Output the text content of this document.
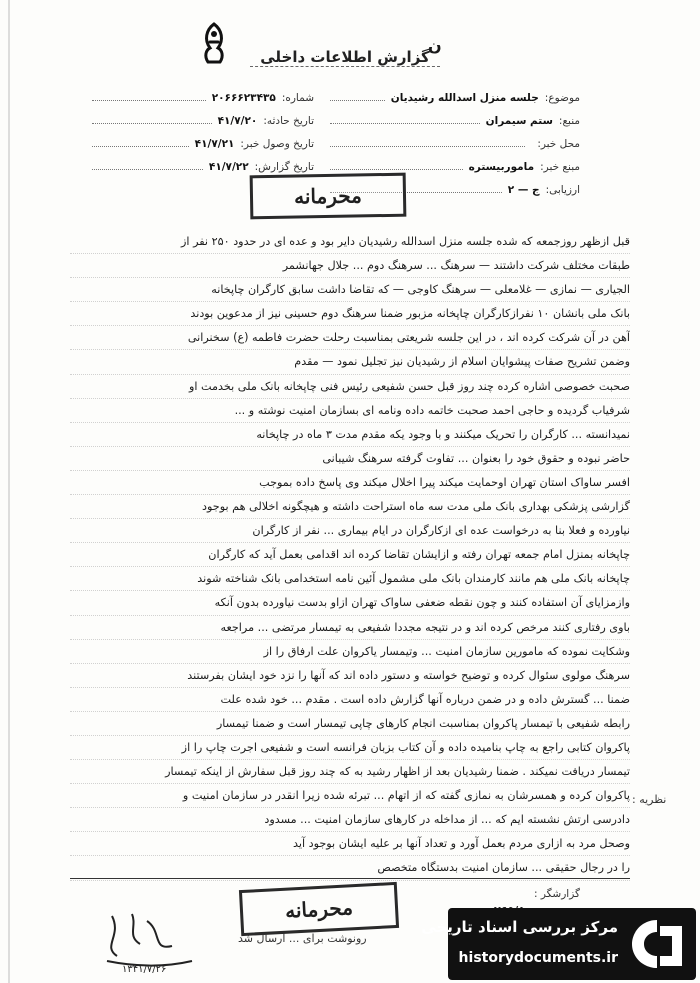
ن
گزارش اطلاعات داخلی
موضوع:
جلسه منزل اسدالله رشیدیان
منبع:
ستم سیمران
محل خبر:
مبنع خبر:
ماموربیستره
ارزیابی:
ج — ۲
شماره:
۲۰۶۶۶۲۳۴۳۵
تاریخ حادثه:
۴۱/۷/۲۰
تاریخ وصول خبر:
۴۱/۷/۲۱
تاریخ گزارش:
۴۱/۷/۲۲
محرمانه
قبل ازظهر روزجمعه که شده جلسه منزل اسدالله رشیدیان دایر بود و عده ای در حدود ۲۵۰ نفر از
طبقات مختلف شرکت داشتند — سرهنگ ... سرهنگ دوم ... جلال جهانشمر
الجیاری — نمازی — غلامعلی — سرهنگ کاوجی — که تقاضا داشت سابق کارگران چاپخانه
بانک ملی بانشان ۱۰ نفرازکارگران چاپخانه مزبور ضمنا سرهنگ دوم حسینی نیز از مدعوین بودند
آهن در آن شرکت کرده اند ، در این جلسه شریعتی بمناسبت رحلت حضرت فاطمه (ع) سخنرانی
وضمن تشریح صفات پیشوایان اسلام از رشیدیان نیز تجلیل نمود — مقدم
صحبت خصوصی اشاره کرده چند روز قبل حسن شفیعی رئیس فنی چاپخانه بانک ملی بخدمت او
شرفیاب گردیده و حاجی احمد صحبت خاتمه داده ونامه ای بسازمان امنیت نوشته و ...
نمیدانسته ... کارگران را تحریک میکنند و با وجود یکه مقدم مدت ۳ ماه در چاپخانه
حاضر نبوده و حقوق خود را بعنوان ... تفاوت گرفته سرهنگ شیبانی
افسر ساواک استان تهران اوحمایت میکند پیرا اخلال میکند وی پاسخ داده بموجب
گزارشی پزشکی بهداری بانک ملی مدت سه ماه استراحت داشته و هیچگونه اخلالی هم بوجود
نیاورده و فعلا بنا به درخواست عده ای ازکارگران در ایام بیماری ... نفر از کارگران
چاپخانه بمنزل امام جمعه تهران رفته و ازایشان تقاضا کرده اند اقدامی بعمل آید که کارگران
چاپخانه بانک ملی هم مانند کارمندان بانک ملی مشمول آئین نامه استخدامی بانک شناخته شوند
وازمزایای آن استفاده کنند و چون نقطه ضعفی ساواک تهران ازاو بدست نیاورده بدون آنکه
باوی رفتاری کنند مرخص کرده اند و در نتیجه مجددا شفیعی به تیمسار مرتضی ... مراجعه
وشکایت نموده که مامورین سازمان امنیت ... وتیمسار یاکروان علت ارفاق را از
سرهنگ مولوی سئوال کرده و توضیح خواسته و دستور داده اند که آنها را نزد خود ایشان بفرستند
ضمنا ... گسترش داده و در ضمن درباره آنها گزارش داده است . مقدم ... خود شده علت
رابطه شفیعی با تیمسار پاکروان بمناسبت انجام کارهای چاپی تیمسار است و ضمنا تیمسار
پاکروان کتابی راجع به چاپ بنامیده داده و آن کتاب بزبان فرانسه است و شفیعی اجرت چاپ را از
تیمسار دریافت نمیکند . ضمنا رشیدیان بعد از اظهار رشید به که چند روز قبل سفارش از اینکه تیمسار
پاکروان کرده و همسرشان به نمازی گفته که از اتهام ... تبرئه شده زیرا انقدر در سازمان امنیت و
دادرسی ارتش نشسته ایم که ... از مداخله در کارهای سازمان امنیت ... مسدود
وصحل مرد به ازاری مردم بعمل آورد و تعداد آنها بر علیه ایشان بوجود آید
را در رجال حقیقی ... سازمان امنیت بدستگاه متخصص
نظریه :
گزارشگر :
محرمانه
۱۳۴۱/۷/۲۶
رونوشت برای ... ارسال شد
مرکز بررسی اسناد تاریخی
historydocuments.ir
